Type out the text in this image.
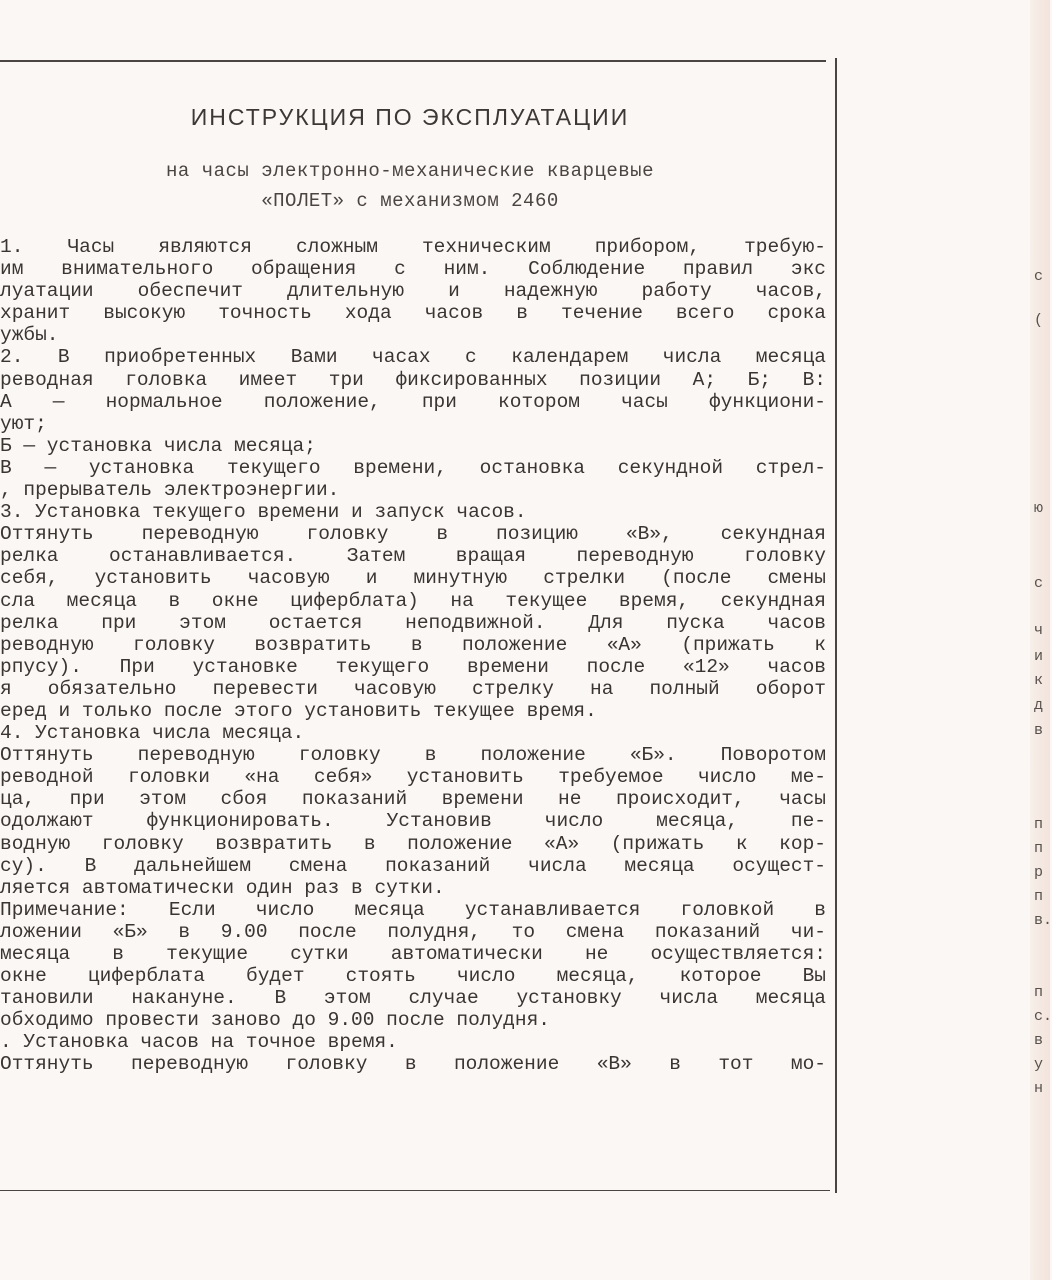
ИНСТРУКЦИЯ ПО ЭКСПЛУАТАЦИИ
на часы электронно-механические кварцевые
«ПОЛЕТ» с механизмом 2460
1. Часы являются сложным техническим прибором, требую-
им внимательного обращения с ним. Соблюдение правил экс
луатации обеспечит длительную и надежную работу часов,
хранит высокую точность хода часов в течение всего срока
ужбы.
2. В приобретенных Вами часах с календарем числа месяца
реводная головка имеет три фиксированных позиции А; Б; В:
А — нормальное положение, при котором часы функциони-
уют;
Б — установка числа месяца;
В — установка текущего времени, остановка секундной стрел-
, прерыватель электроэнергии.
3. Установка текущего времени и запуск часов.
Оттянуть переводную головку в позицию «В», секундная
релка останавливается. Затем вращая переводную головку
себя, установить часовую и минутную стрелки (после смены
сла месяца в окне циферблата) на текущее время, секундная
релка при этом остается неподвижной. Для пуска часов
реводную головку возвратить в положение «А» (прижать к
рпусу). При установке текущего времени после «12» часов
я обязательно перевести часовую стрелку на полный оборот
еред и только после этого установить текущее время.
4. Установка числа месяца.
Оттянуть переводную головку в положение «Б». Поворотом
реводной головки «на себя» установить требуемое число ме-
ца, при этом сбоя показаний времени не происходит, часы
одолжают функционировать. Установив число месяца, пе-
водную головку возвратить в положение «А» (прижать к кор-
су). В дальнейшем смена показаний числа месяца осущест-
ляется автоматически один раз в сутки.
Примечание: Если число месяца устанавливается головкой в
ложении «Б» в 9.00 после полудня, то смена показаний чи-
месяца в текущие сутки автоматически не осуществляется:
окне циферблата будет стоять число месяца, которое Вы
тановили накануне. В этом случае установку числа месяца
обходимо провести заново до 9.00 после полудня.
. Установка часов на точное время.
Оттянуть переводную головку в положение «В» в тот мо-
с
(
ю
с
ч
и
к
д
в
п
п
р
п
в.
п
с.
в
у
н
